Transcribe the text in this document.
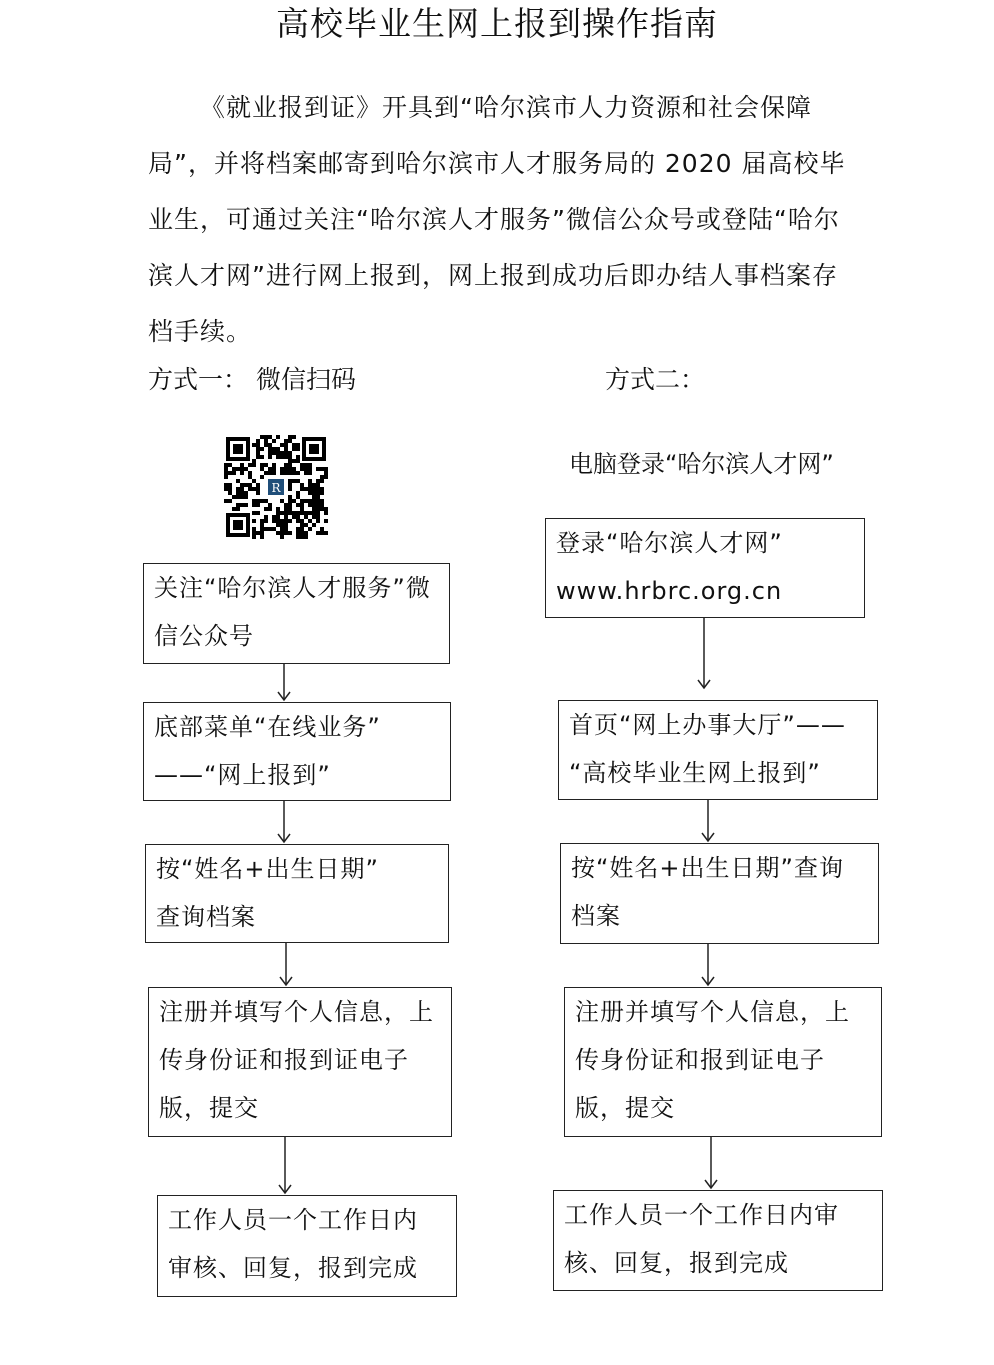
高校毕业生网上报到操作指南

《就业报到证》开具到“哈尔滨市人力资源和社会保障局”，并将档案邮寄到哈尔滨市人才服务局的 2020 届高校毕业生，可通过关注“哈尔滨人才服务”微信公众号或登陆“哈尔滨人才网”进行网上报到，网上报到成功后即办结人事档案存档手续。

方式一： 微信扫码	方式二：
电脑登录“哈尔滨人才网”
R
关注“哈尔滨人才服务”微
信公众号
底部菜单“在线业务”
——“网上报到”
按“姓名+出生日期”
查询档案
注册并填写个人信息，上
传身份证和报到证电子
版，提交
工作人员一个工作日内
审核、回复，报到完成
登录“哈尔滨人才网”
www.hrbrc.org.cn
首页“网上办事大厅”——
“高校毕业生网上报到”
按“姓名+出生日期”查询
档案
注册并填写个人信息，上
传身份证和报到证电子
版，提交
工作人员一个工作日内审
核、回复，报到完成
